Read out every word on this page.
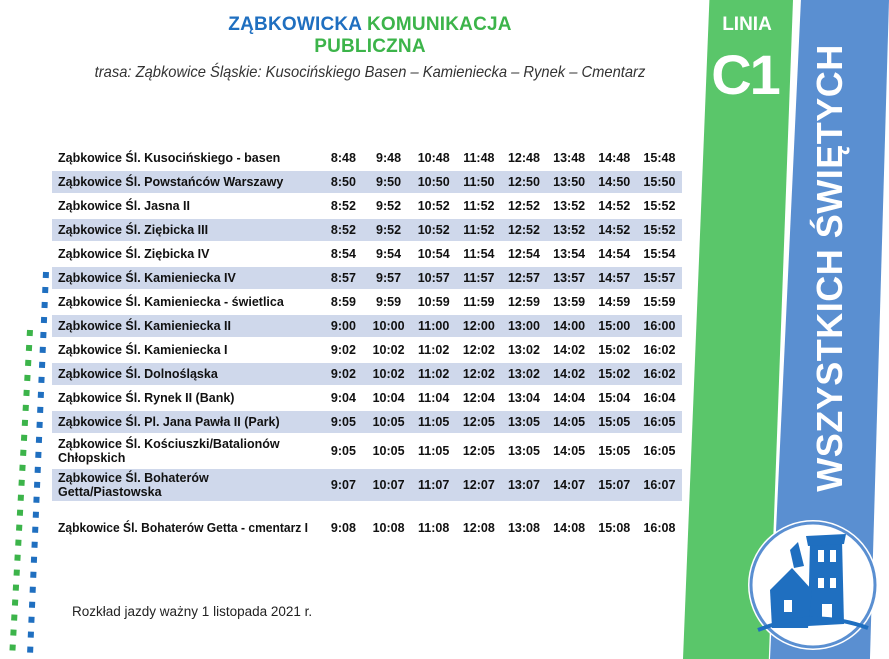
ZĄBKOWICKA KOMUNIKACJA PUBLICZNA
trasa: Ząbkowice Śląskie: Kusocińskiego Basen – Kamieniecka – Rynek – Cmentarz
Ząbkowice Śl. Kusocińskiego - basen	8:48	9:48	10:48	11:48	12:48	13:48	14:48	15:48
Ząbkowice Śl. Powstańców Warszawy	8:50	9:50	10:50	11:50	12:50	13:50	14:50	15:50
Ząbkowice Śl. Jasna II	8:52	9:52	10:52	11:52	12:52	13:52	14:52	15:52
Ząbkowice Śl. Ziębicka III	8:52	9:52	10:52	11:52	12:52	13:52	14:52	15:52
Ząbkowice Śl. Ziębicka IV	8:54	9:54	10:54	11:54	12:54	13:54	14:54	15:54
Ząbkowice Śl. Kamieniecka IV	8:57	9:57	10:57	11:57	12:57	13:57	14:57	15:57
Ząbkowice Śl. Kamieniecka - świetlica	8:59	9:59	10:59	11:59	12:59	13:59	14:59	15:59
Ząbkowice Śl. Kamieniecka II	9:00	10:00	11:00	12:00	13:00	14:00	15:00	16:00
Ząbkowice Śl. Kamieniecka I	9:02	10:02	11:02	12:02	13:02	14:02	15:02	16:02
Ząbkowice Śl. Dolnośląska	9:02	10:02	11:02	12:02	13:02	14:02	15:02	16:02
Ząbkowice Śl. Rynek II (Bank)	9:04	10:04	11:04	12:04	13:04	14:04	15:04	16:04
Ząbkowice Śl. Pl. Jana Pawła II (Park)	9:05	10:05	11:05	12:05	13:05	14:05	15:05	16:05
Ząbkowice Śl. Kościuszki/Batalionów Chłopskich	9:05	10:05	11:05	12:05	13:05	14:05	15:05	16:05
Ząbkowice Śl. Bohaterów Getta/Piastowska	9:07	10:07	11:07	12:07	13:07	14:07	15:07	16:07

Ząbkowice Śl. Bohaterów Getta - cmentarz I	9:08	10:08	11:08	12:08	13:08	14:08	15:08	16:08
Rozkład jazdy ważny 1 listopada 2021 r.
LINIA
C1 WSZYSTKICH ŚWIĘTYCH
